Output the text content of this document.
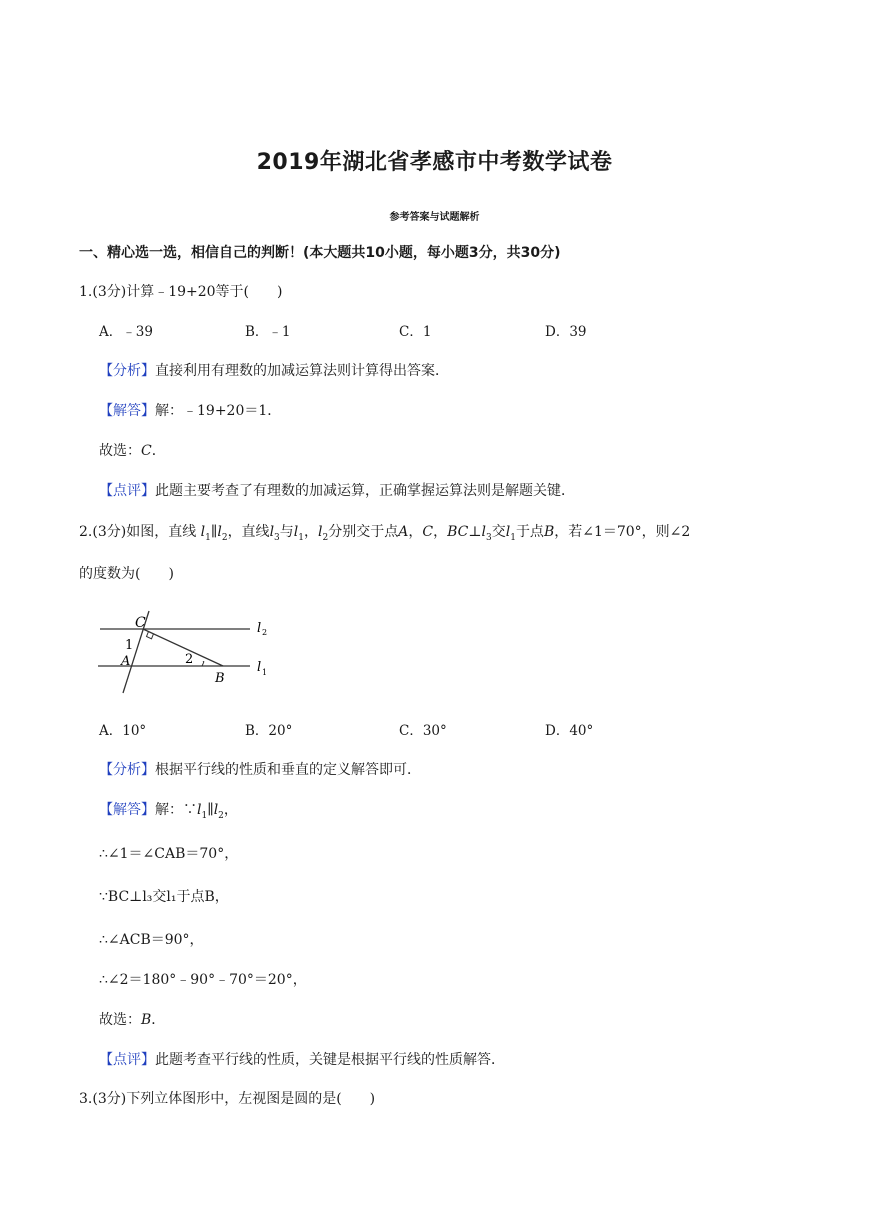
2019年湖北省孝感市中考数学试卷
参考答案与试题解析
一、精心选一选，相信自己的判断！(本大题共10小题，每小题3分，共30分)
1.(3分)计算﹣19+20等于(　　)
A．﹣39	B．﹣1	C．1	D．39
【分析】直接利用有理数的加减运算法则计算得出答案．
【解答】解：﹣19+20＝1．
故选：C．
【点评】此题主要考查了有理数的加减运算，正确掌握运算法则是解题关键．
2.(3分)如图，直线 $l_1\parallel l_2$，直线$l_3$与$l_1$，$l_2$分别交于点A，C，$BC\perp l_3$交$l_1$于点B，若∠1＝70°，则∠2
的度数为(　　)
C
1
A	2
B
l 2
l 1
A．10°	B．20°	C．30°	D．40°
【分析】根据平行线的性质和垂直的定义解答即可．
【解答】解：$\because l_1\parallel l_2$，
∴∠1＝∠CAB＝70°，
∵BC⊥l₃交l₁于点B，
∴∠ACB＝90°，
∴∠2＝180°﹣90°﹣70°＝20°，
故选：B．
【点评】此题考查平行线的性质，关键是根据平行线的性质解答．
3.(3分)下列立体图形中，左视图是圆的是(　　)
